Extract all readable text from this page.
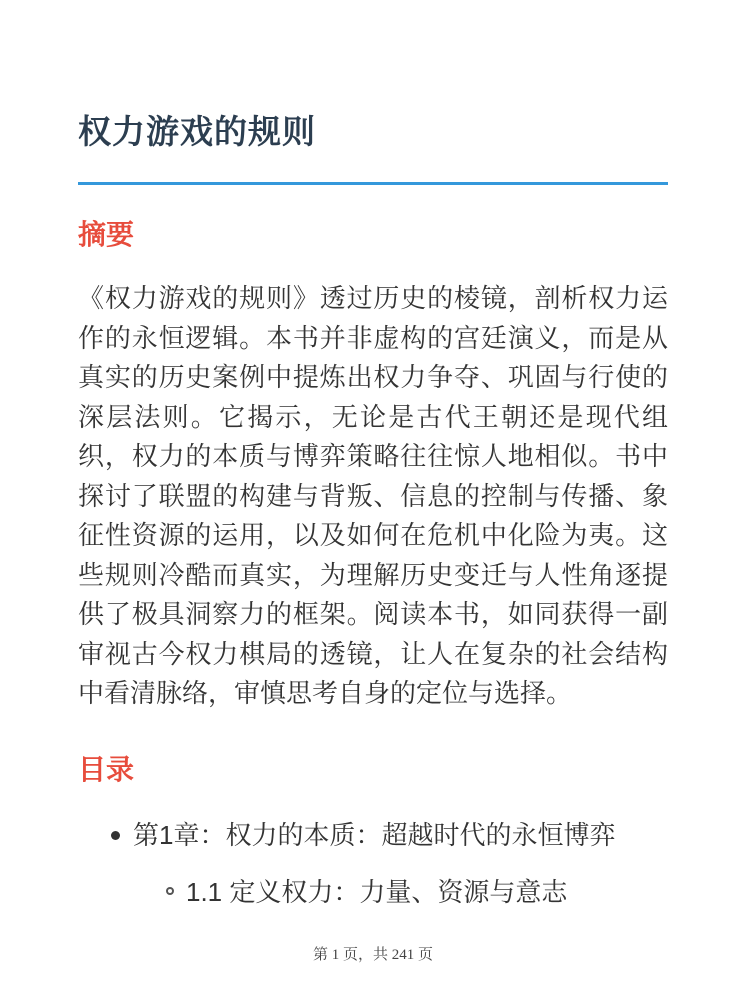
权力游戏的规则
摘要

《权力游戏的规则》透过历史的棱镜，剖析权力运作的永恒逻辑。本书并非虚构的宫廷演义，而是从真实的历史案例中提炼出权力争夺、巩固与行使的深层法则。它揭示，无论是古代王朝还是现代组织，权力的本质与博弈策略往往惊人地相似。书中探讨了联盟的构建与背叛、信息的控制与传播、象征性资源的运用，以及如何在危机中化险为夷。这些规则冷酷而真实，为理解历史变迁与人性角逐提供了极具洞察力的框架。阅读本书，如同获得一副审视古今权力棋局的透镜，让人在复杂的社会结构中看清脉络，审慎思考自身的定位与选择。

目录
第1章：权力的本质：超越时代的永恒博弈
1.1 定义权力：力量、资源与意志
第 1 页，共 241 页
